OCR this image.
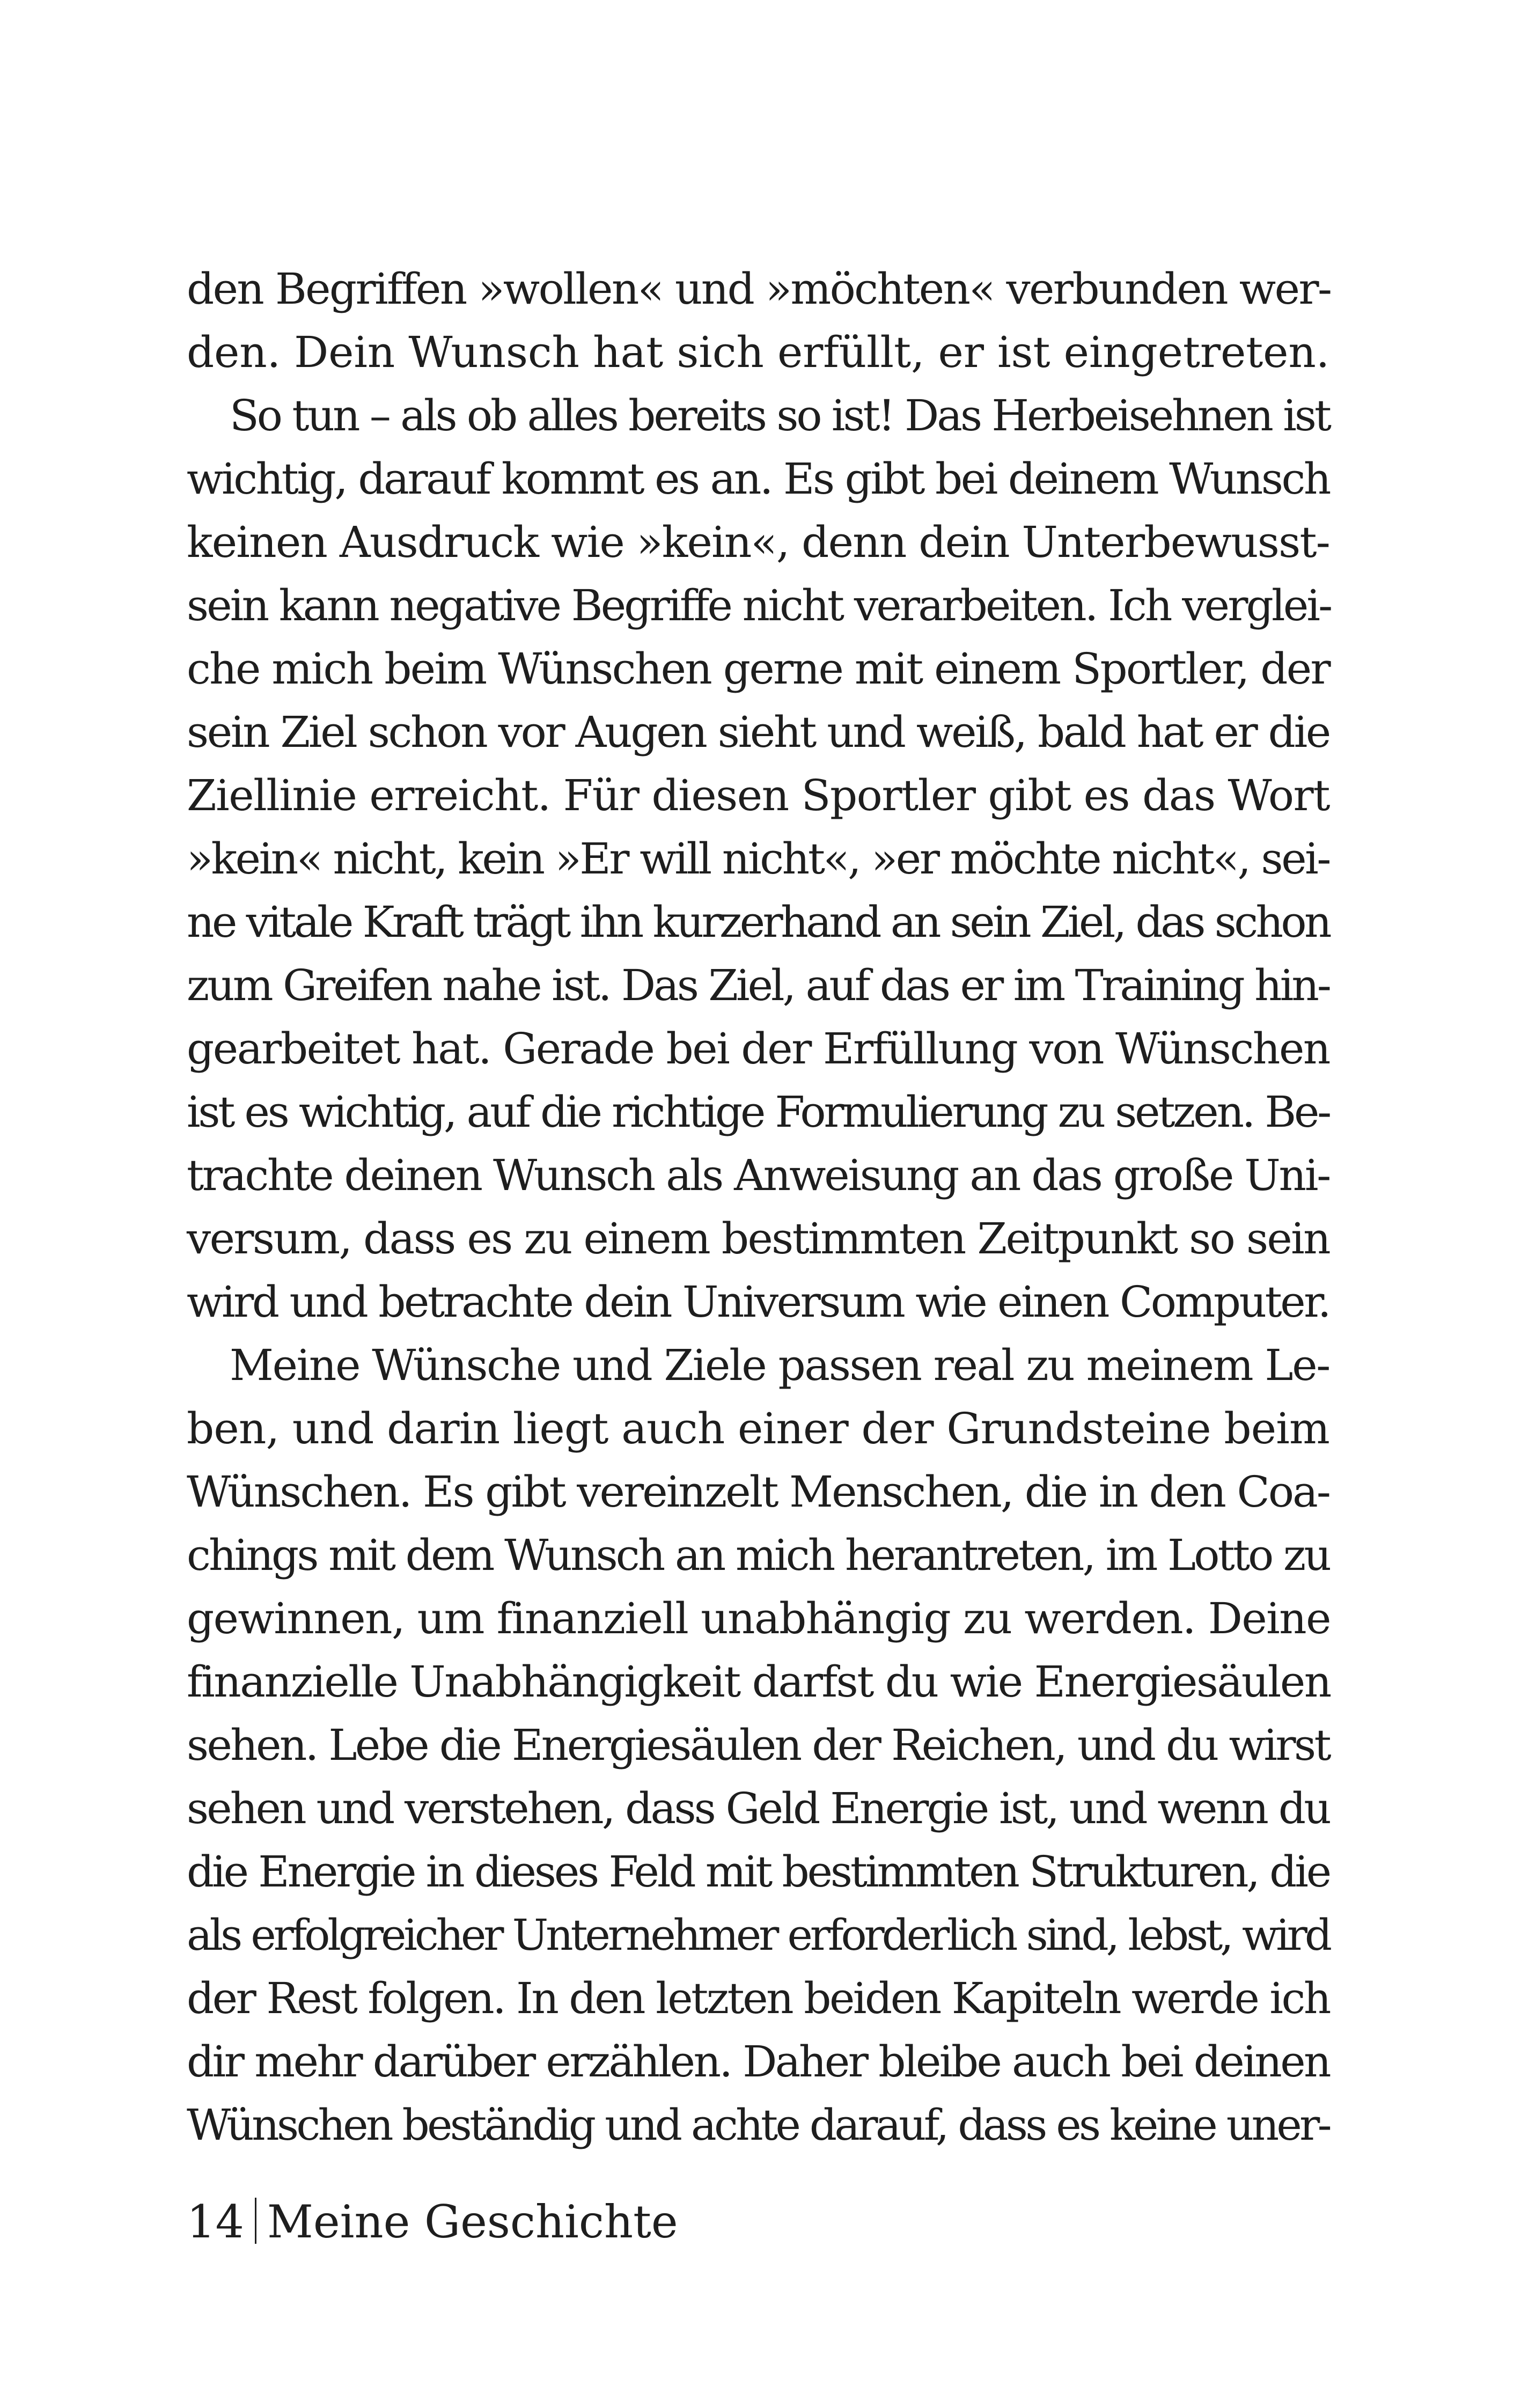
den Begriffen »wollen« und »möchten« verbunden wer-
den. Dein Wunsch hat sich erfüllt, er ist eingetreten.
So tun – als ob alles bereits so ist! Das Herbeisehnen ist
wichtig, darauf kommt es an. Es gibt bei deinem Wunsch
keinen Ausdruck wie »kein«, denn dein Unterbewusst-
sein kann negative Begriffe nicht verarbeiten. Ich verglei-
che mich beim Wünschen gerne mit einem Sportler, der
sein Ziel schon vor Augen sieht und weiß, bald hat er die
Ziellinie erreicht. Für diesen Sportler gibt es das Wort
»kein« nicht, kein »Er will nicht«, »er möchte nicht«, sei-
ne vitale Kraft trägt ihn kurzerhand an sein Ziel, das schon
zum Greifen nahe ist. Das Ziel, auf das er im Training hin-
gearbeitet hat. Gerade bei der Erfüllung von Wünschen
ist es wichtig, auf die richtige Formulierung zu setzen. Be-
trachte deinen Wunsch als Anweisung an das große Uni-
versum, dass es zu einem bestimmten Zeitpunkt so sein
wird und betrachte dein Universum wie einen Computer.
Meine Wünsche und Ziele passen real zu meinem Le-
ben, und darin liegt auch einer der Grundsteine beim
Wünschen. Es gibt vereinzelt Menschen, die in den Coa-
chings mit dem Wunsch an mich herantreten, im Lotto zu
gewinnen, um finanziell unabhängig zu werden. Deine
finanzielle Unabhängigkeit darfst du wie Energiesäulen
sehen. Lebe die Energiesäulen der Reichen, und du wirst
sehen und verstehen, dass Geld Energie ist, und wenn du
die Energie in dieses Feld mit bestimmten Strukturen, die
als erfolgreicher Unternehmer erforderlich sind, lebst, wird
der Rest folgen. In den letzten beiden Kapiteln werde ich
dir mehr darüber erzählen. Daher bleibe auch bei deinen
Wünschen beständig und achte darauf, dass es keine uner-
14 Meine Geschichte
